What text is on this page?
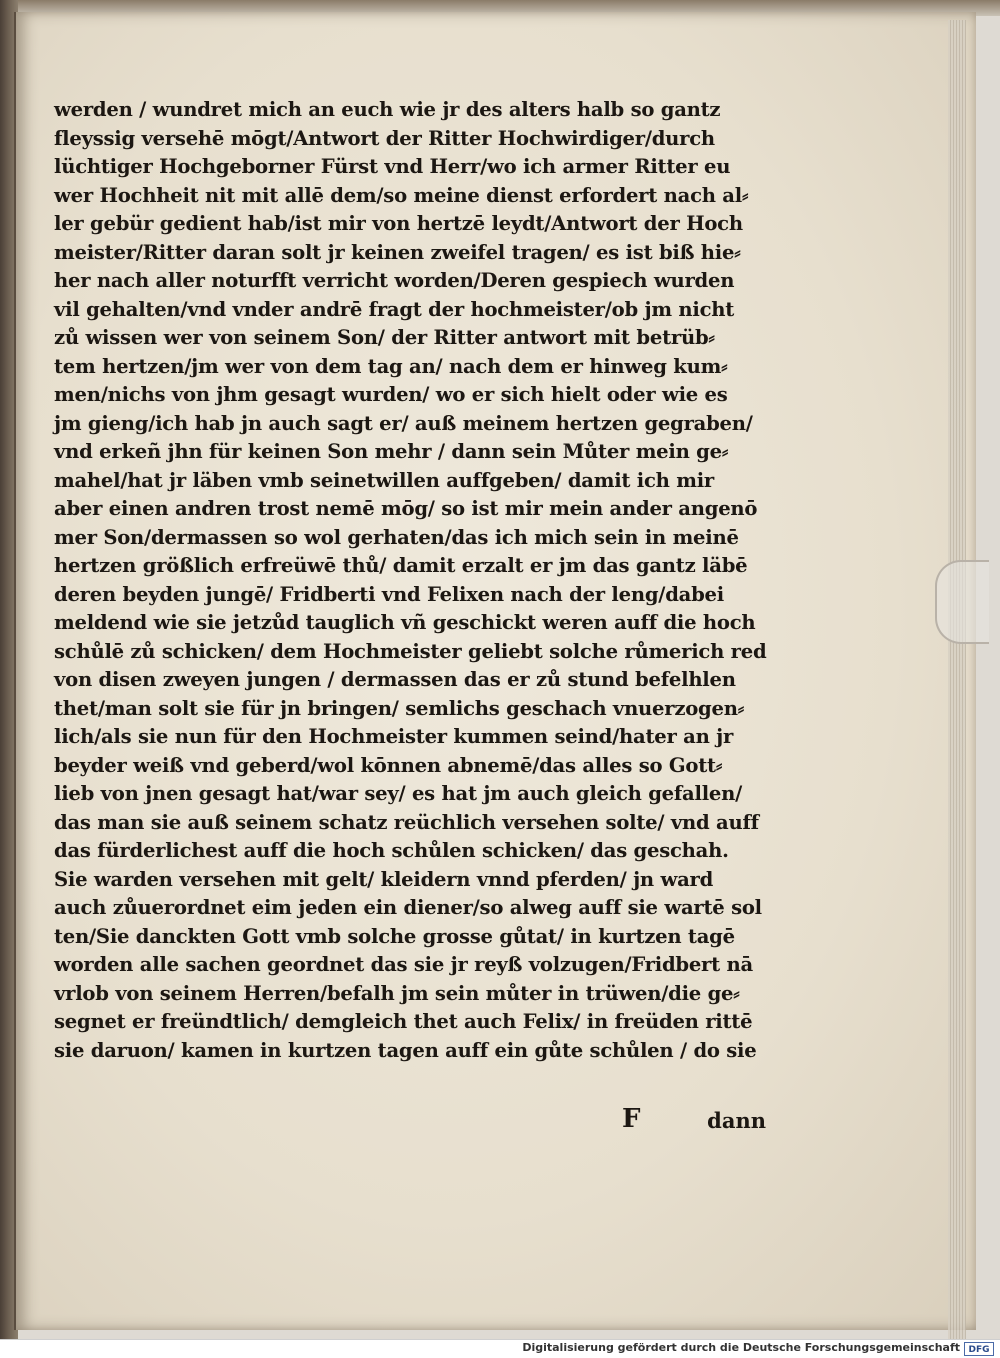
werden / wundret mich an euch wie jr des alters halb so gantz
fleyssig versehē mōgt/Antwort der Ritter Hochwirdiger/durch
lüchtiger Hochgeborner Fürst vnd Herr/wo ich armer Ritter eu
wer Hochheit nit mit allē dem/so meine dienst erfordert nach al⸗
ler gebür gedient hab/ist mir von hertzē leydt/Antwort der Hoch
meister/Ritter daran solt jr keinen zweifel tragen/ es ist biß hie⸗
her nach aller noturfft verricht worden/Deren gespiech wurden
vil gehalten/vnd vnder andrē fragt der hochmeister/ob jm nicht
zů wissen wer von seinem Son/ der Ritter antwort mit betrüb⸗
tem hertzen/jm wer von dem tag an/ nach dem er hinweg kum⸗
men/nichs von jhm gesagt wurden/ wo er sich hielt oder wie es
jm gieng/ich hab jn auch sagt er/ auß meinem hertzen gegraben/
vnd erkeñ jhn für keinen Son mehr / dann sein Můter mein ge⸗
mahel/hat jr läben vmb seinetwillen auffgeben/ damit ich mir
aber einen andren trost nemē mōg/ so ist mir mein ander angenō
mer Son/dermassen so wol gerhaten/das ich mich sein in meinē
hertzen größlich erfreüwē thů/ damit erzalt er jm das gantz läbē
deren beyden jungē/ Fridberti vnd Felixen nach der leng/dabei
meldend wie sie jetzůd tauglich vñ geschickt weren auff die hoch
schůlē zů schicken/ dem Hochmeister geliebt solche růmerich red
von disen zweyen jungen / dermassen das er zů stund befelhlen
thet/man solt sie für jn bringen/ semlichs geschach vnuerzogen⸗
lich/als sie nun für den Hochmeister kummen seind/hater an jr
beyder weiß vnd geberd/wol kōnnen abnemē/das alles so Gott⸗
lieb von jnen gesagt hat/war sey/ es hat jm auch gleich gefallen/
das man sie auß seinem schatz reüchlich versehen solte/ vnd auff
das fürderlichest auff die hoch schůlen schicken/ das geschah.
Sie warden versehen mit gelt/ kleidern vnnd pferden/ jn ward
auch zůuerordnet eim jeden ein diener/so alweg auff sie wartē sol
ten/Sie danckten Gott vmb solche grosse gůtat/ in kurtzen tagē
worden alle sachen geordnet das sie jr reyß volzugen/Fridbert nā
vrlob von seinem Herren/befalh jm sein můter in trüwen/die ge⸗
segnet er freündtlich/ demgleich thet auch Felix/ in freüden rittē
sie daruon/ kamen in kurtzen tagen auff ein gůte schůlen / do sie
F	dann
Digitalisierung gefördert durch die Deutsche Forschungsgemeinschaft DFG
